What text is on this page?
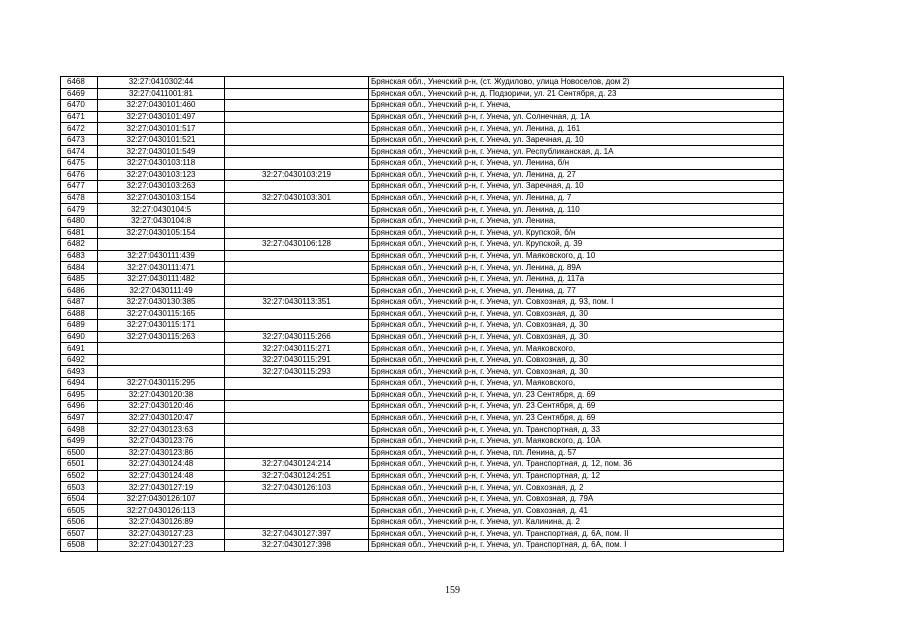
6468	32:27:0410302:44		Брянская обл., Унечский р-н, (ст. Жудилово, улица Новоселов, дом 2)
6469	32:27:0411001:81		Брянская обл., Унечский р-н, д. Подзоричи, ул. 21 Сентября, д. 23
6470	32:27:0430101:460		Брянская обл., Унечский р-н, г. Унеча,
6471	32:27:0430101:497		Брянская обл., Унечский р-н, г. Унеча, ул. Солнечная, д. 1А
6472	32:27:0430101:517		Брянская обл., Унечский р-н, г. Унеча, ул. Ленина, д. 161
6473	32:27:0430101:521		Брянская обл., Унечский р-н, г. Унеча, ул. Заречная, д. 10
6474	32:27:0430101:549		Брянская обл., Унечский р-н, г. Унеча, ул. Республиканская, д. 1А
6475	32:27:0430103:118		Брянская обл., Унечский р-н, г. Унеча, ул. Ленина, б/н
6476	32:27:0430103:123	32:27:0430103:219	Брянская обл., Унечский р-н, г. Унеча, ул. Ленина, д. 27
6477	32:27:0430103:263		Брянская обл., Унечский р-н, г. Унеча, ул. Заречная, д. 10
6478	32:27:0430103:154	32:27:0430103:301	Брянская обл., Унечский р-н, г. Унеча, ул. Ленина, д. 7
6479	32:27:0430104:5		Брянская обл., Унечский р-н, г. Унеча, ул. Ленина, д. 110
6480	32:27:0430104:8		Брянская обл., Унечский р-н, г. Унеча, ул. Ленина,
6481	32:27:0430105:154		Брянская обл., Унечский р-н, г. Унеча, ул. Крупской, б/н
6482		32:27:0430106:128	Брянская обл., Унечский р-н, г. Унеча, ул. Крупской, д. 39
6483	32:27:0430111:439		Брянская обл., Унечский р-н, г. Унеча, ул. Маяковского, д. 10
6484	32:27:0430111:471		Брянская обл., Унечский р-н, г. Унеча, ул. Ленина, д. 89А
6485	32:27:0430111:482		Брянская обл., Унечский р-н, г. Унеча, ул. Ленина, д. 117а
6486	32:27:0430111:49		Брянская обл., Унечский р-н, г. Унеча, ул. Ленина, д. 77
6487	32:27:0430130:385	32:27:0430113:351	Брянская обл., Унечский р-н, г. Унеча, ул. Совхозная, д. 93, пом. I
6488	32:27:0430115:165		Брянская обл., Унечский р-н, г. Унеча, ул. Совхозная, д. 30
6489	32:27:0430115:171		Брянская обл., Унечский р-н, г. Унеча, ул. Совхозная, д. 30
6490	32:27:0430115:263	32:27:0430115:266	Брянская обл., Унечский р-н, г. Унеча, ул. Совхозная, д. 30
6491		32:27:0430115:271	Брянская обл., Унечский р-н, г. Унеча, ул. Маяковского,
6492		32:27:0430115:291	Брянская обл., Унечский р-н, г. Унеча, ул. Совхозная, д. 30
6493		32:27:0430115:293	Брянская обл., Унечский р-н, г. Унеча, ул. Совхозная, д. 30
6494	32:27:0430115:295		Брянская обл., Унечский р-н, г. Унеча, ул. Маяковского,
6495	32:27:0430120:38		Брянская обл., Унечский р-н, г. Унеча, ул. 23 Сентября, д. 69
6496	32:27:0430120:46		Брянская обл., Унечский р-н, г. Унеча, ул. 23 Сентября, д. 69
6497	32:27:0430120:47		Брянская обл., Унечский р-н, г. Унеча, ул. 23 Сентября, д. 69
6498	32:27:0430123:63		Брянская обл., Унечский р-н, г. Унеча, ул. Транспортная, д. 33
6499	32:27:0430123:76		Брянская обл., Унечский р-н, г. Унеча, ул. Маяковского, д. 10А
6500	32:27:0430123:86		Брянская обл., Унечский р-н, г. Унеча, пл. Ленина, д. 57
6501	32:27:0430124:48	32:27:0430124:214	Брянская обл., Унечский р-н, г. Унеча, ул. Транспортная, д. 12, пом. 36
6502	32:27:0430124:48	32:27:0430124:251	Брянская обл., Унечский р-н, г. Унеча, ул. Транспортная, д. 12
6503	32:27:0430127:19	32:27:0430126:103	Брянская обл., Унечский р-н, г. Унеча, ул. Совхозная, д. 2
6504	32:27:0430126:107		Брянская обл., Унечский р-н, г. Унеча, ул. Совхозная, д. 79А
6505	32:27:0430126:113		Брянская обл., Унечский р-н, г. Унеча, ул. Совхозная, д. 41
6506	32:27:0430126:89		Брянская обл., Унечский р-н, г. Унеча, ул. Калинина, д. 2
6507	32:27:0430127:23	32:27:0430127:397	Брянская обл., Унечский р-н, г. Унеча, ул. Транспортная, д. 6А, пом. II
6508	32:27:0430127:23	32:27:0430127:398	Брянская обл., Унечский р-н, г. Унеча, ул. Транспортная, д. 6А, пом. I
159
